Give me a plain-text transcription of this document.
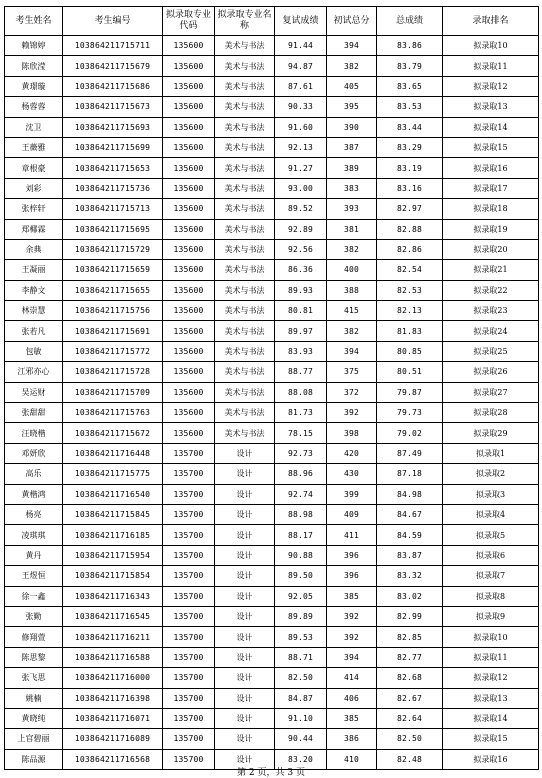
考生姓名	考生编号	拟录取专业代码	拟录取专业名称	复试成绩	初试总分	总成绩	录取排名
赖锦婷	103864211715711	135600	美术与书法	91.44	394	83.86	拟录取10
陈欣滢	103864211715679	135600	美术与书法	94.87	382	83.79	拟录取11
黄璟璇	103864211715686	135600	美术与书法	87.61	405	83.65	拟录取12
杨蓉蓉	103864211715673	135600	美术与书法	90.33	395	83.53	拟录取13
沈卫	103864211715693	135600	美术与书法	91.60	390	83.44	拟录取14
王薇雅	103864211715699	135600	美术与书法	92.13	387	83.29	拟录取15
章根豪	103864211715653	135600	美术与书法	91.27	389	83.19	拟录取16
刘彩	103864211715736	135600	美术与书法	93.00	383	83.16	拟录取17
张梓轩	103864211715713	135600	美术与书法	89.52	393	82.97	拟录取18
郑椰霖	103864211715695	135600	美术与书法	92.89	381	82.88	拟录取19
余典	103864211715729	135600	美术与书法	92.56	382	82.86	拟录取20
王凝丽	103864211715659	135600	美术与书法	86.36	400	82.54	拟录取21
李静文	103864211715655	135600	美术与书法	89.93	388	82.53	拟录取22
林崇慧	103864211715756	135600	美术与书法	80.81	415	82.13	拟录取23
张若凡	103864211715691	135600	美术与书法	89.97	382	81.83	拟录取24
包敏	103864211715772	135600	美术与书法	83.93	394	80.85	拟录取25
江邪亦心	103864211715728	135600	美术与书法	88.77	375	80.51	拟录取26
吴运财	103864211715709	135600	美术与书法	88.08	372	79.87	拟录取27
张甜甜	103864211715763	135600	美术与书法	81.73	392	79.73	拟录取28
汪晓楷	103864211715672	135600	美术与书法	78.15	398	79.02	拟录取29
邓妍欣	103864211716448	135700	设计	92.73	420	87.49	拟录取1
高乐	103864211715775	135700	设计	88.96	430	87.18	拟录取2
黄楷鸿	103864211716540	135700	设计	92.74	399	84.98	拟录取3
杨亮	103864211715845	135700	设计	88.98	409	84.67	拟录取4
凌琪琪	103864211716185	135700	设计	88.17	411	84.59	拟录取5
黄丹	103864211715954	135700	设计	90.88	396	83.87	拟录取6
王煜恒	103864211715854	135700	设计	89.50	396	83.32	拟录取7
徐一鑫	103864211716343	135700	设计	92.05	385	83.02	拟录取8
张勤	103864211716545	135700	设计	89.89	392	82.99	拟录取9
修翔萱	103864211716211	135700	设计	89.53	392	82.85	拟录取10
陈思黎	103864211716588	135700	设计	88.71	394	82.77	拟录取11
张飞思	103864211716000	135700	设计	82.50	414	82.68	拟录取12
姚楠	103864211716398	135700	设计	84.87	406	82.67	拟录取13
黄晓纯	103864211716071	135700	设计	91.10	385	82.64	拟录取14
上官碧丽	103864211716089	135700	设计	90.44	386	82.50	拟录取15
陈品源	103864211716568	135700	设计	83.20	410	82.48	拟录取16
第 2 页，共 3 页
